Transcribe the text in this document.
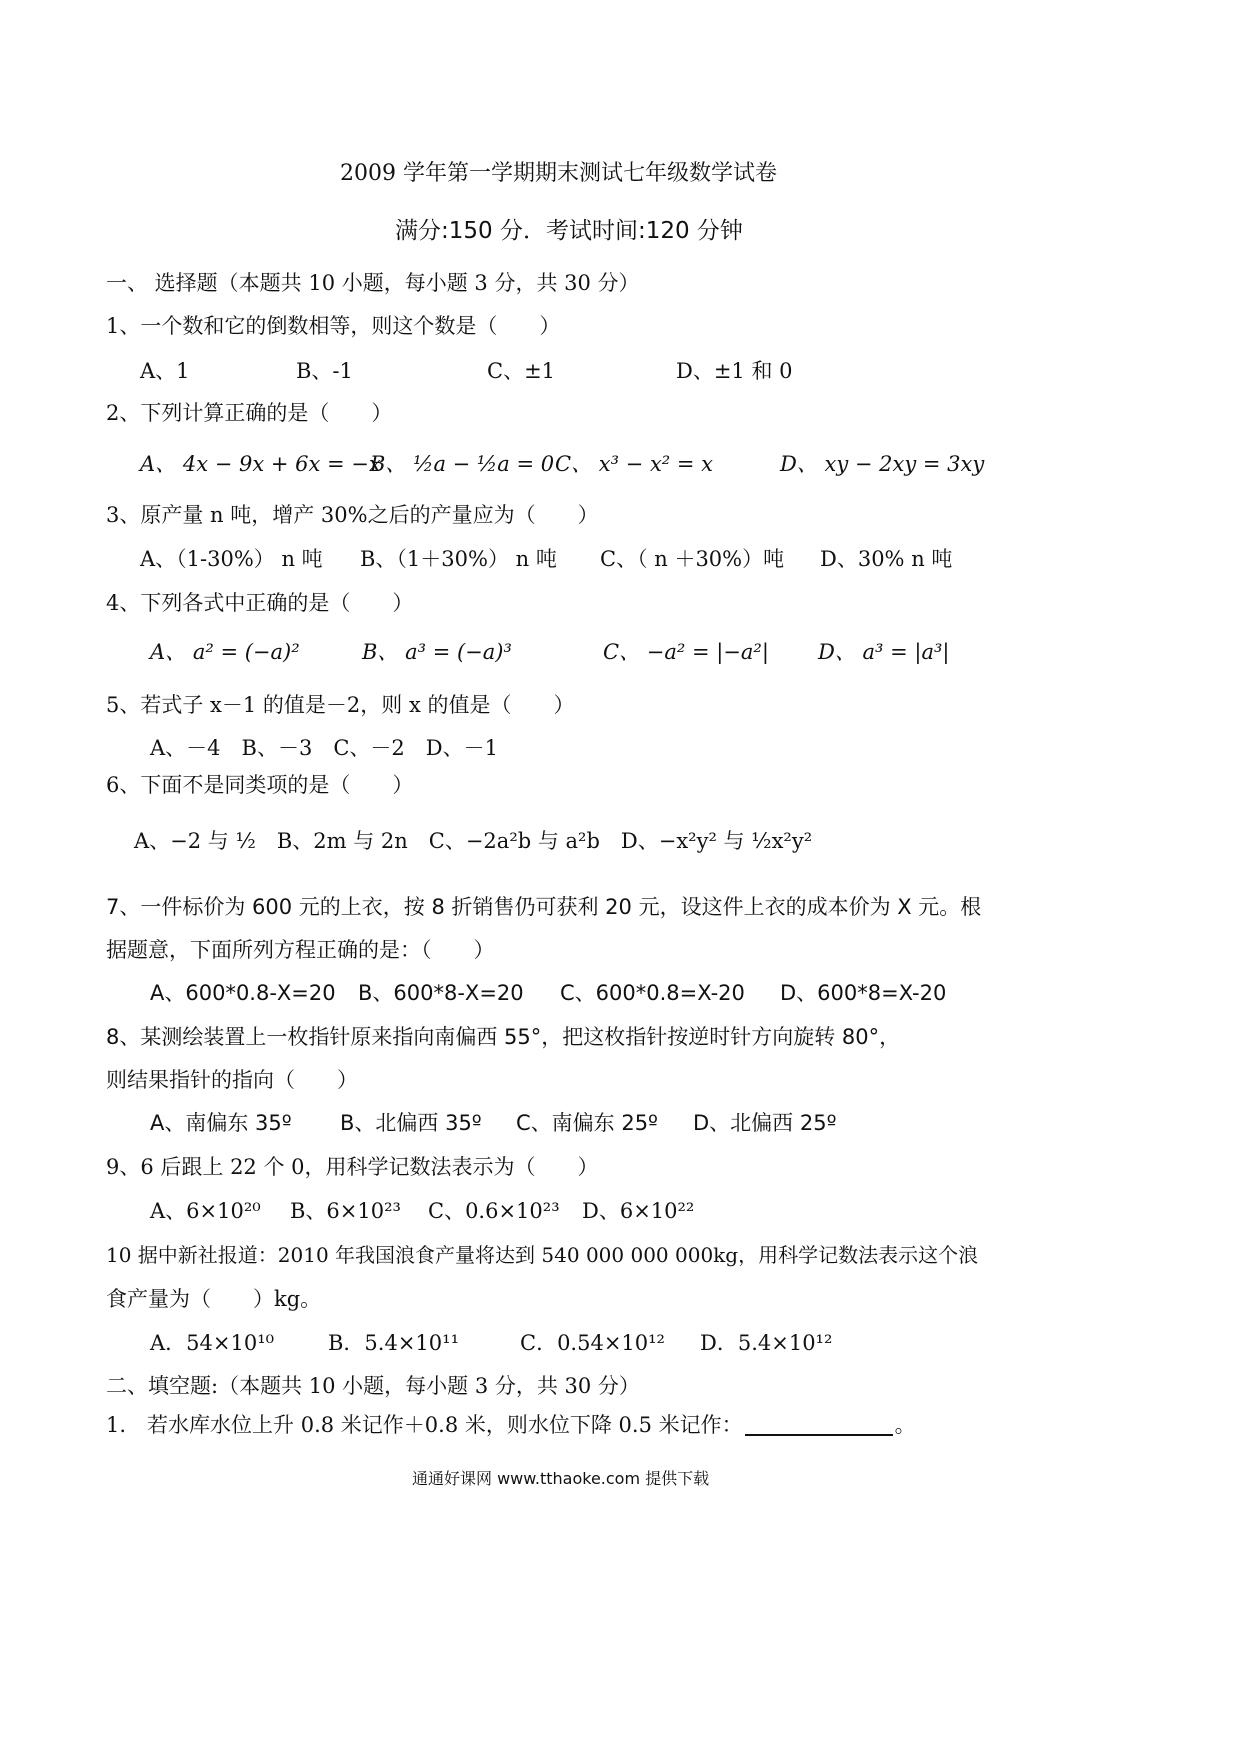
2009 学年第一学期期末测试七年级数学试卷
满分:150 分．考试时间:120 分钟
一、 选择题（本题共 10 小题，每小题 3 分，共 30 分）
1、一个数和它的倒数相等，则这个数是（　　）
A、1	B、-1	C、±1	D、±1 和 0
2、下列计算正确的是（　　）
A、 4x − 9x + 6x = −x
B、 ½a − ½a = 0 C、 x³ − x² = x	D、 xy − 2xy = 3xy
3、原产量 n 吨，增产 30%之后的产量应为（　　）
A、（1-30%） n 吨 B、（1＋30%） n 吨 C、（ n ＋30%）吨 D、30% n 吨
4、下列各式中正确的是（　　）
A、 a² = (−a)²	B、 a³ = (−a)³	C、 −a² = |−a²| D、 a³ = |a³|
5、若式子 x－1 的值是－2，则 x 的值是（　　）
A、－4　B、－3　C、－2　D、－1
6、下面不是同类项的是（　　）
A、−2 与 ½　B、2m 与 2n　C、−2a²b 与 a²b　D、−x²y² 与 ½x²y²
7、一件标价为 600 元的上衣，按 8 折销售仍可获利 20 元，设这件上衣的成本价为 X 元。根
据题意，下面所列方程正确的是：（　　）
A、600*0.8-X=20 B、600*8-X=20 C、600*0.8=X-20 D、600*8=X-20
8、某测绘装置上一枚指针原来指向南偏西 55°，把这枚指针按逆时针方向旋转 80°，
则结果指针的指向（　　）
A、南偏东 35º B、北偏西 35º C、南偏东 25º D、北偏西 25º
9、6 后跟上 22 个 0，用科学记数法表示为（　　）
A、6×10²⁰ B、6×10²³ C、0.6×10²³ D、6×10²²
10 据中新社报道：2010 年我国浪食产量将达到 540 000 000 000kg，用科学记数法表示这个浪
食产量为（　　）kg。
A．54×10¹⁰	B．5.4×10¹¹	C．0.54×10¹² D．5.4×10¹²
二、填空题:（本题共 10 小题，每小题 3 分，共 30 分）
1.　若水库水位上升 0.8 米记作＋0.8 米，则水位下降 0.5 米记作：	。
通通好课网 www.tthaoke.com 提供下载
